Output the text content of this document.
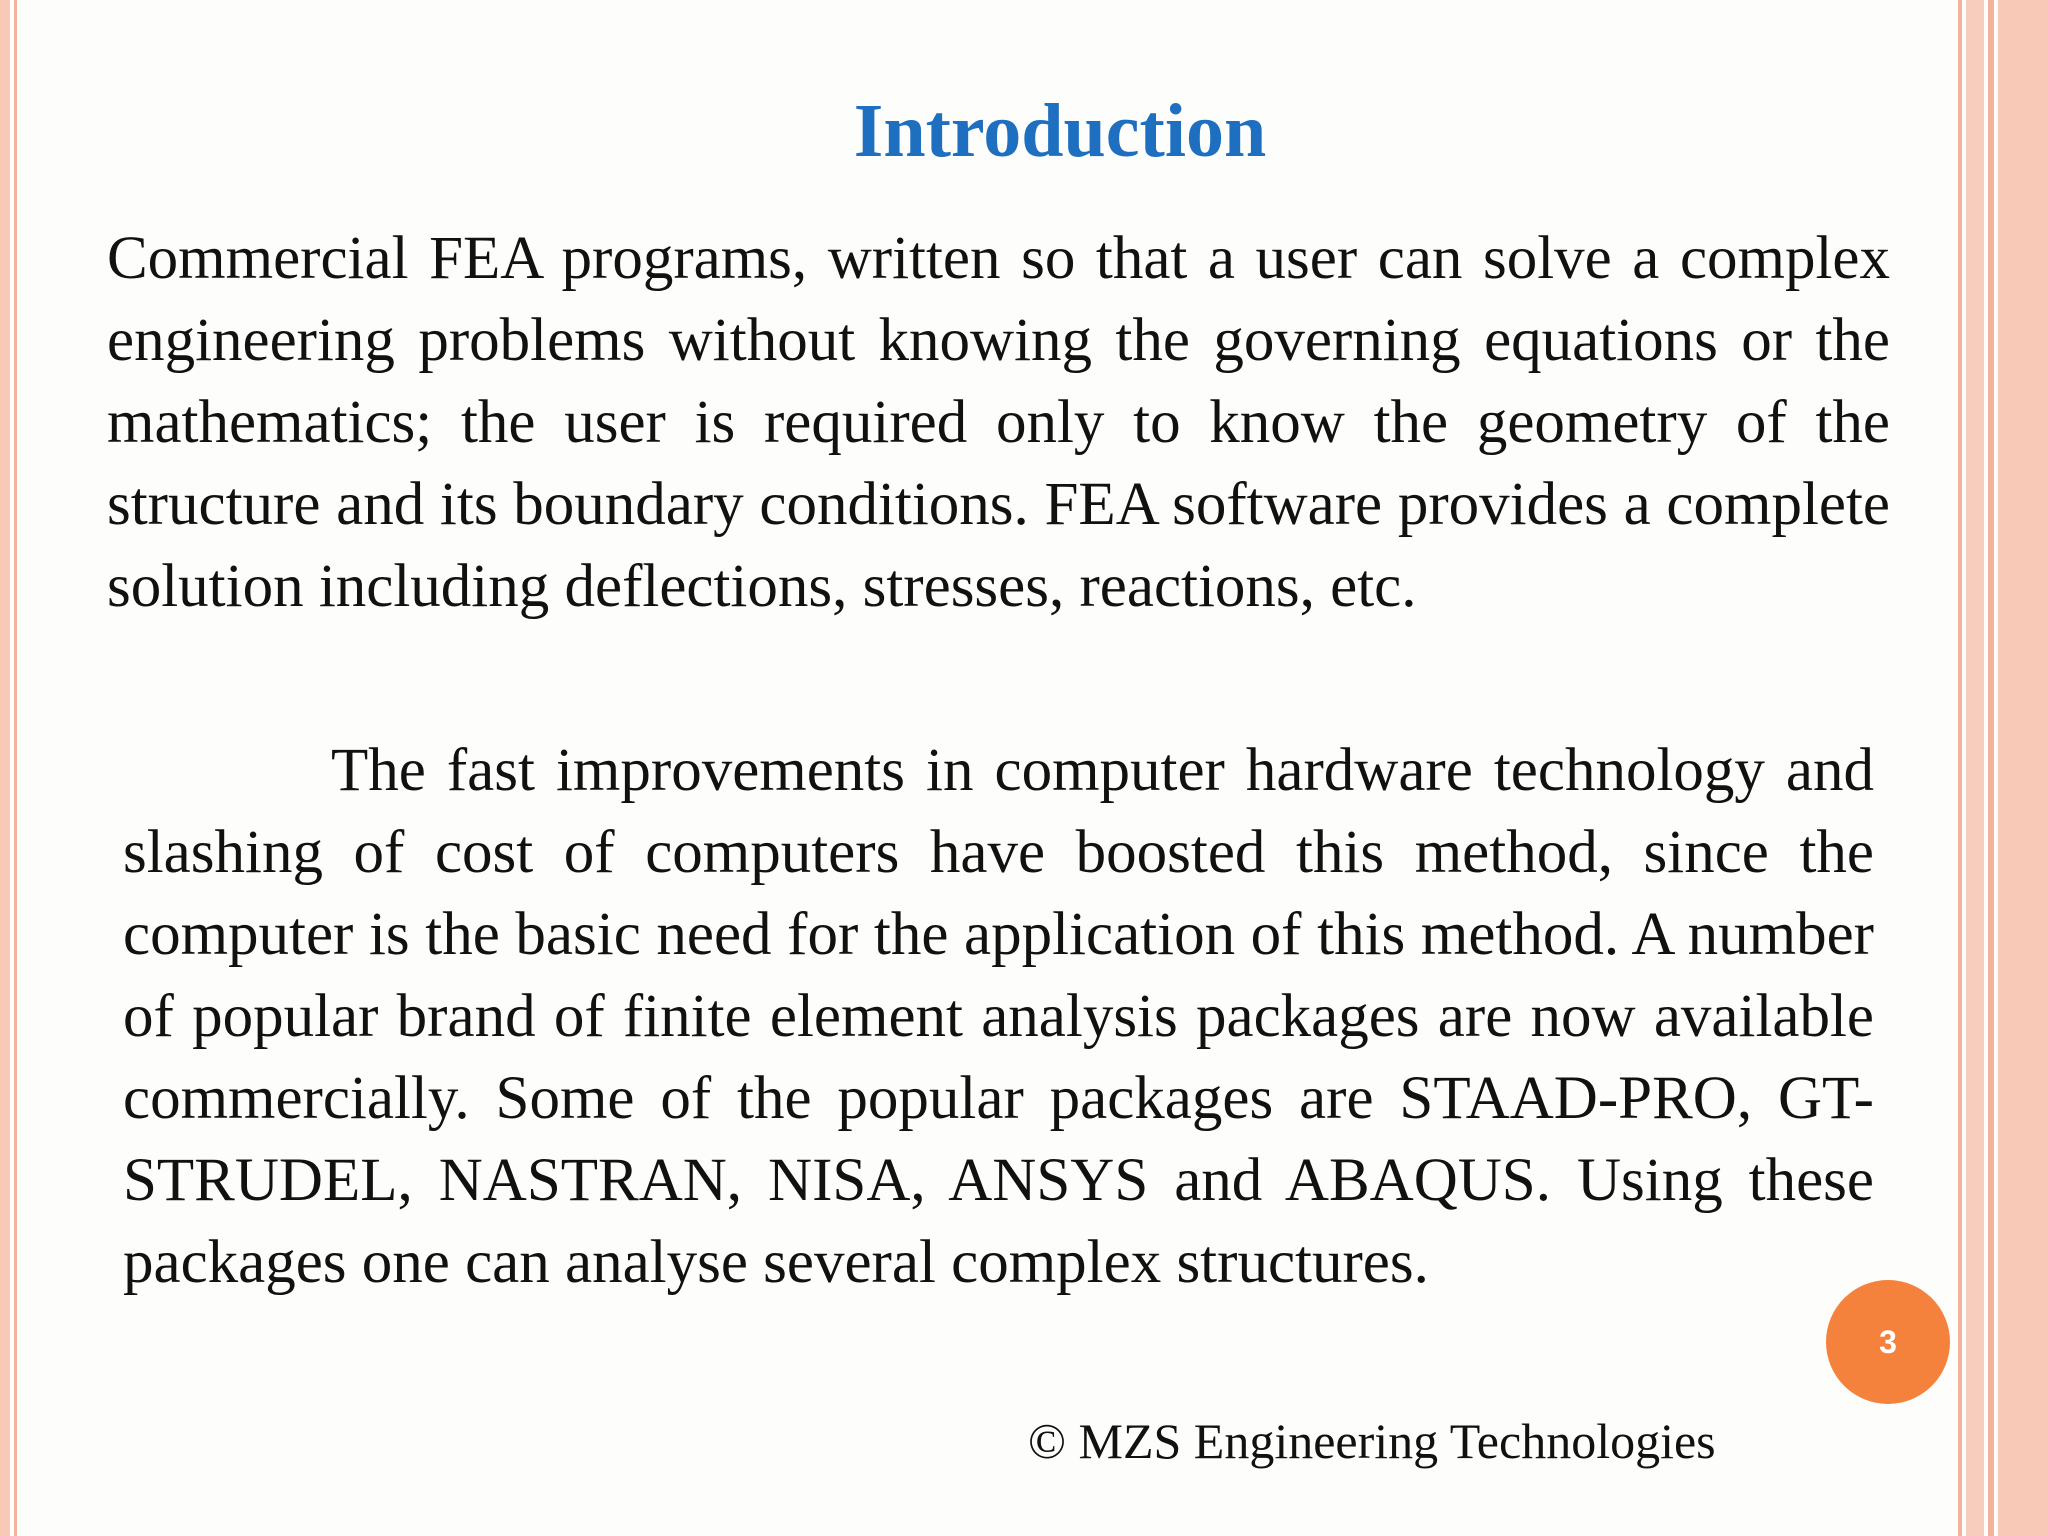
Introduction

Commercial FEA programs, written so that a user can solve a complex engineering problems without knowing the governing equations or the mathematics; the user is required only to know the geometry of the structure and its boundary conditions. FEA software provides a complete solution including deflections, stresses, reactions, etc.

The fast improvements in computer hardware technology and slashing of cost of computers have boosted this method, since the computer is the basic need for the application of this method. A number of popular brand of finite element analysis packages are now available commercially. Some of the popular packages are STAAD-PRO, GT-STRUDEL, NASTRAN, NISA, ANSYS and ABAQUS. Using these packages one can analyse several complex structures.

3

© MZS Engineering Technologies
